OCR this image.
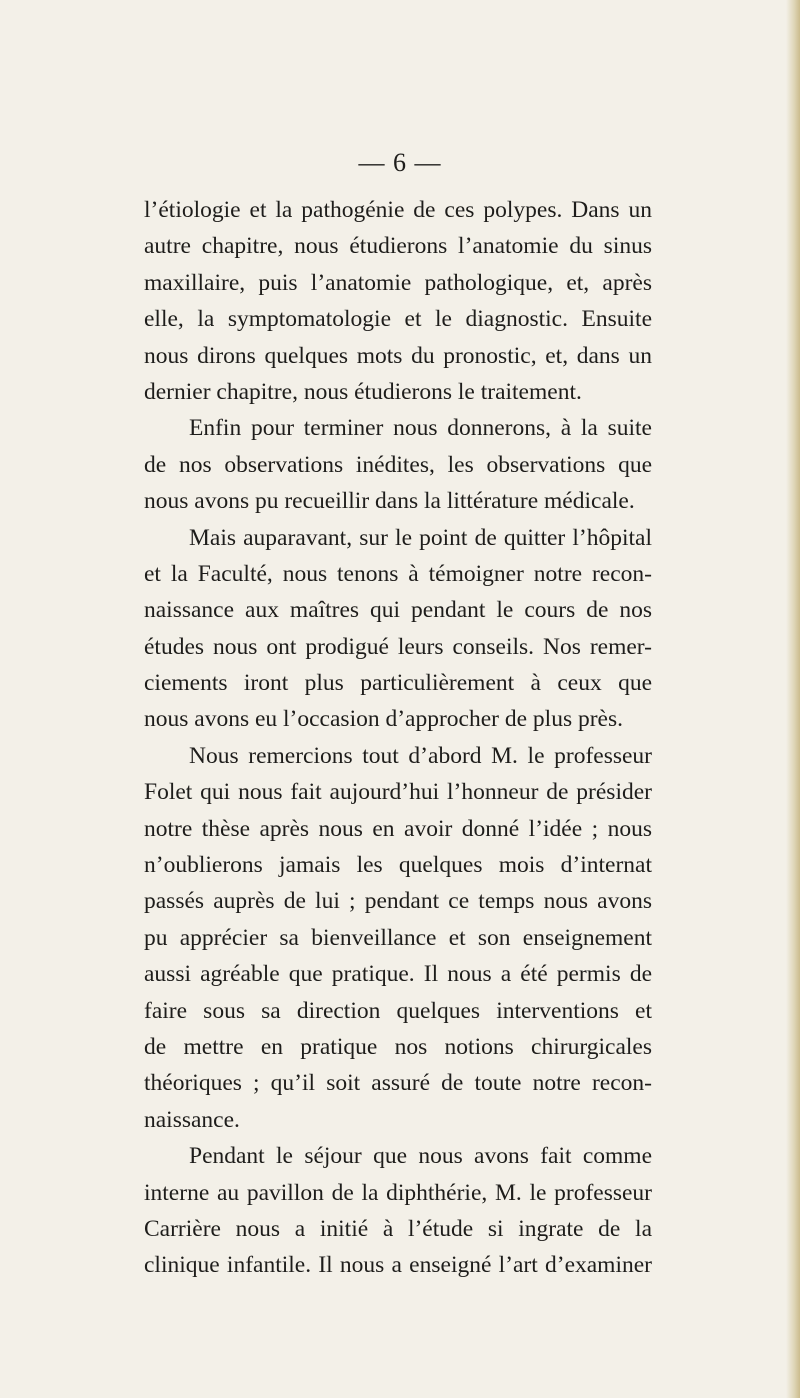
— 6 —
l’étiologie et la pathogénie de ces polypes. Dans un
autre chapitre, nous étudierons l’anatomie du sinus
maxillaire, puis l’anatomie pathologique, et, après
elle, la symptomatologie et le diagnostic. Ensuite
nous dirons quelques mots du pronostic, et, dans un
dernier chapitre, nous étudierons le traitement.
Enfin pour terminer nous donnerons, à la suite
de nos observations inédites, les observations que
nous avons pu recueillir dans la littérature médicale.
Mais auparavant, sur le point de quitter l’hôpital
et la Faculté, nous tenons à témoigner notre recon-
naissance aux maîtres qui pendant le cours de nos
études nous ont prodigué leurs conseils. Nos remer-
ciements iront plus particulièrement à ceux que
nous avons eu l’occasion d’approcher de plus près.
Nous remercions tout d’abord M. le professeur
Folet qui nous fait aujourd’hui l’honneur de présider
notre thèse après nous en avoir donné l’idée ; nous
n’oublierons jamais les quelques mois d’internat
passés auprès de lui ; pendant ce temps nous avons
pu apprécier sa bienveillance et son enseignement
aussi agréable que pratique. Il nous a été permis de
faire sous sa direction quelques interventions et
de mettre en pratique nos notions chirurgicales
théoriques ; qu’il soit assuré de toute notre recon-
naissance.
Pendant le séjour que nous avons fait comme
interne au pavillon de la diphthérie, M. le professeur
Carrière nous a initié à l’étude si ingrate de la
clinique infantile. Il nous a enseigné l’art d’examiner
